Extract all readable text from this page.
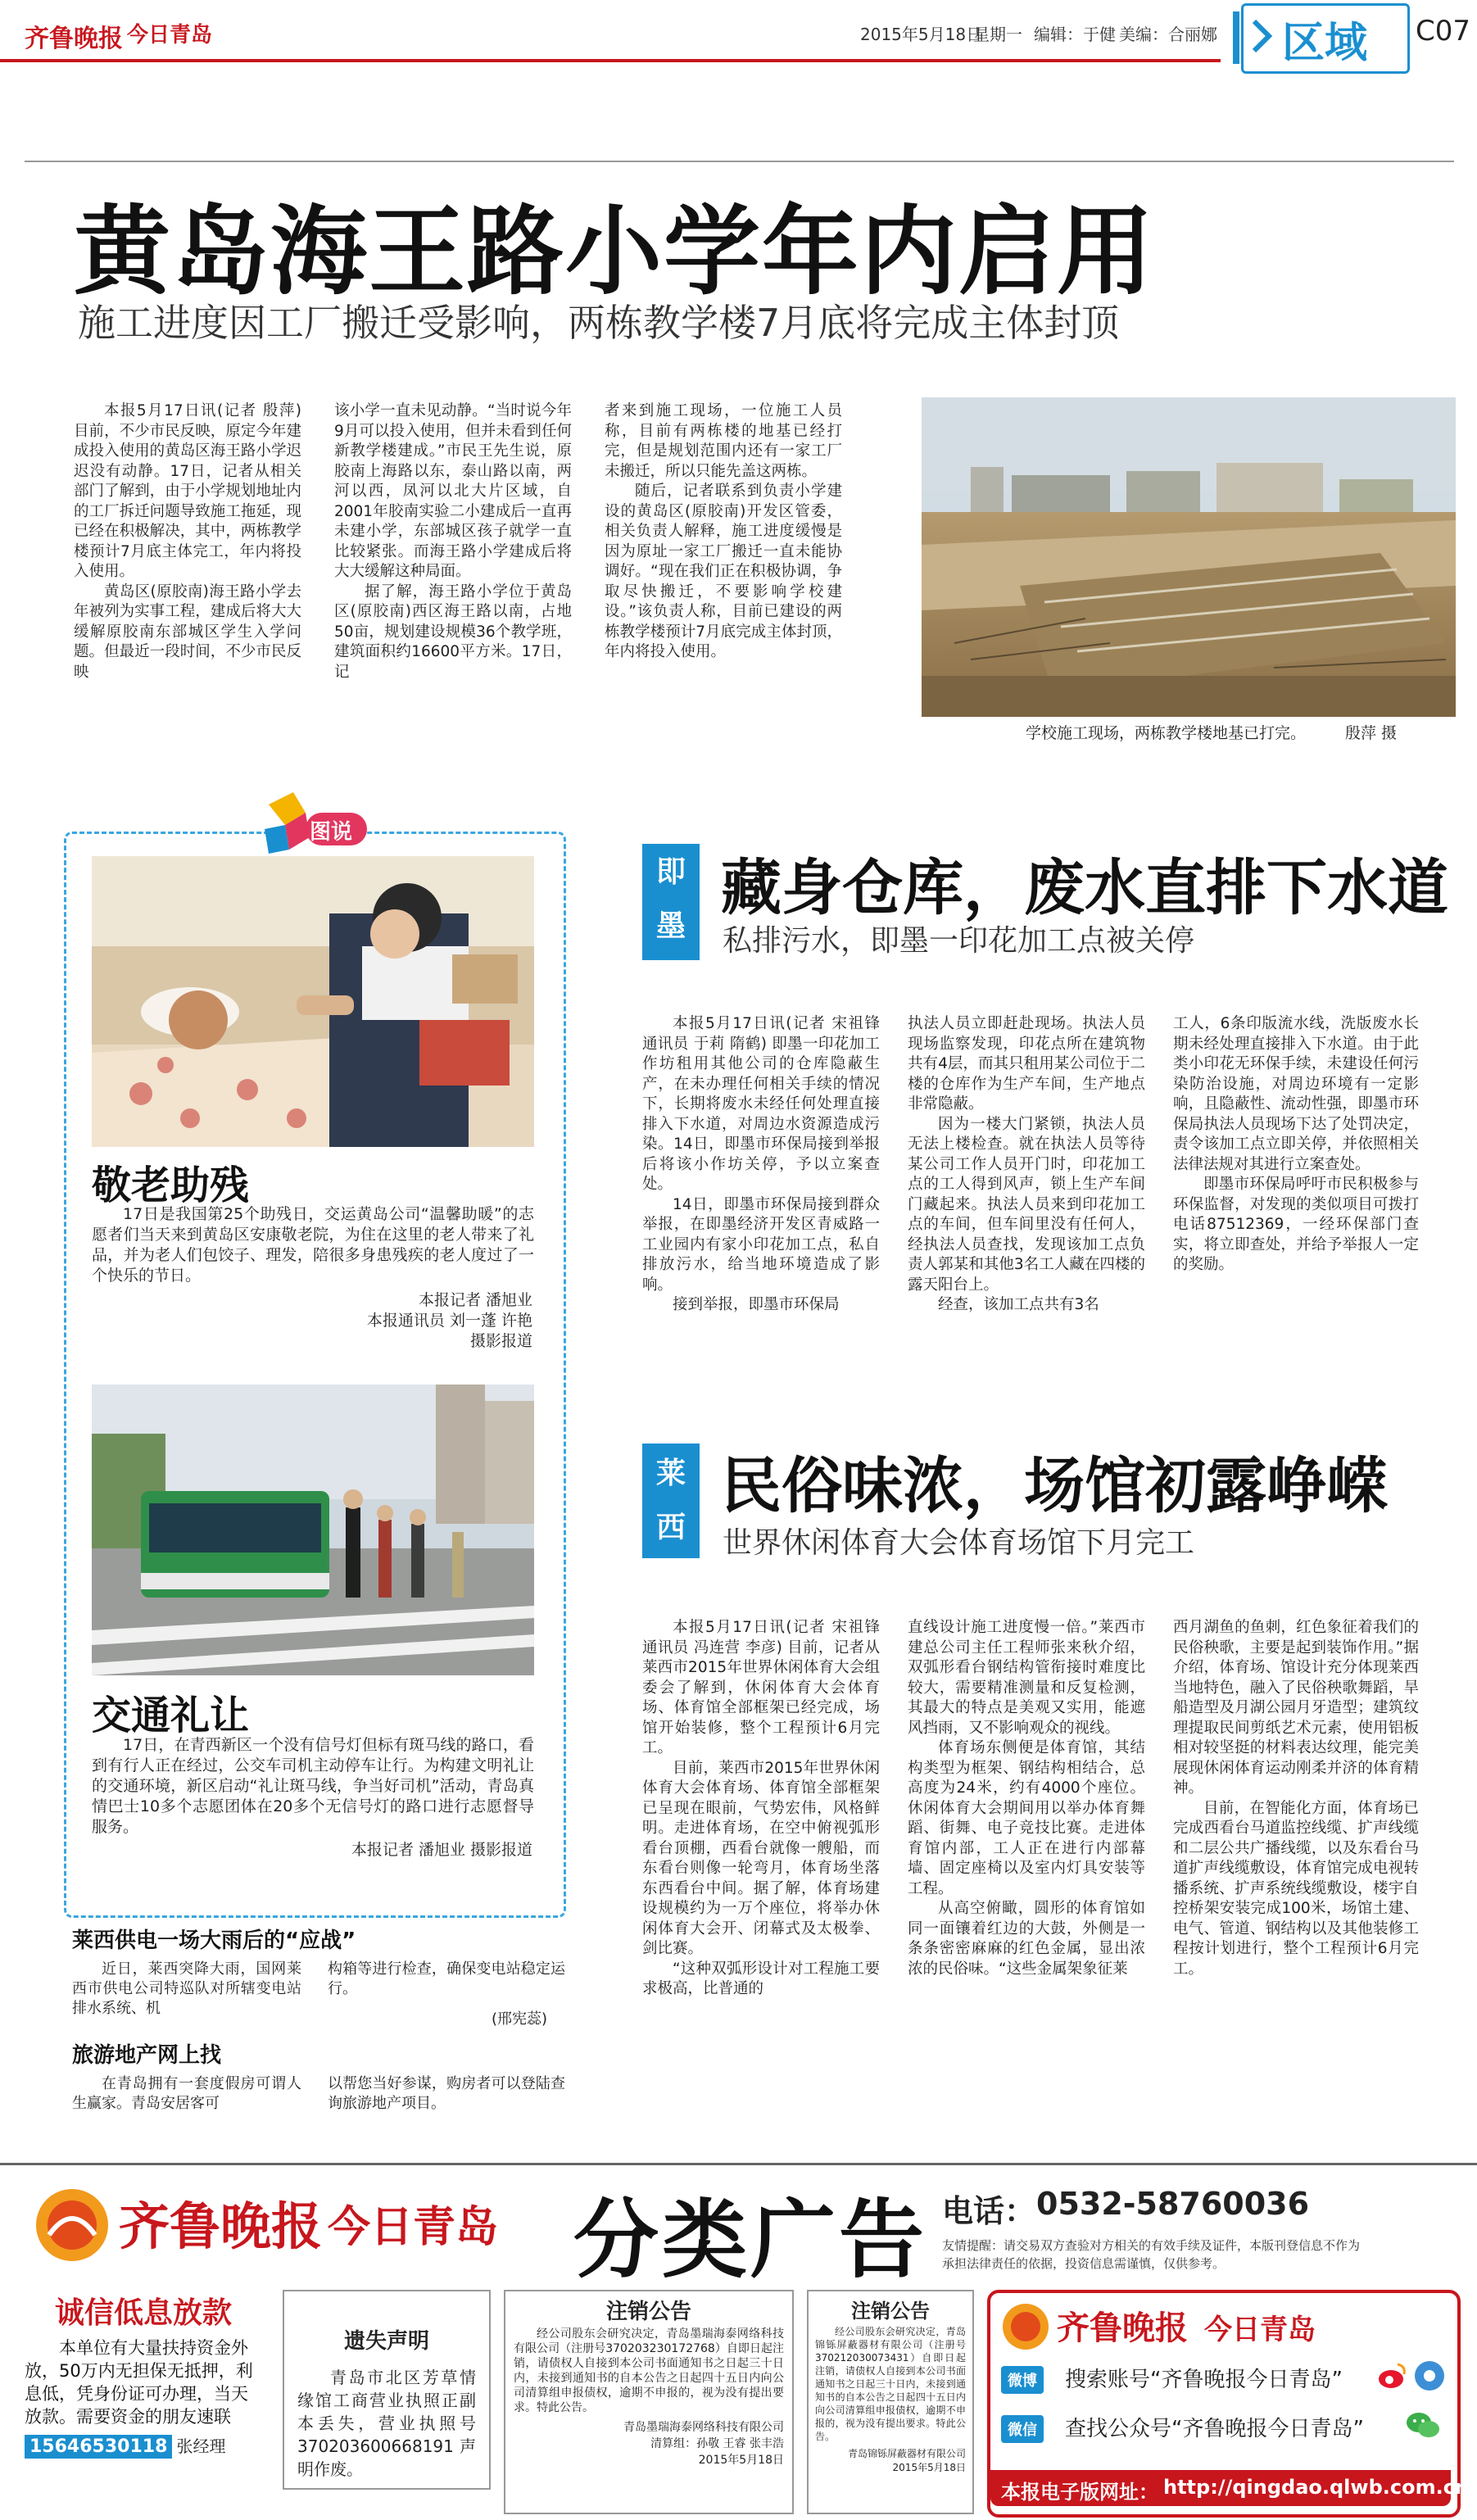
齐鲁晚报 今日青岛	2015年5月18日
星期一 编辑：于健 美编：合丽娜 区域 C07
黄岛海王路小学年内启用
施工进度因工厂搬迁受影响，两栋教学楼7月底将完成主体封顶

本报5月17日讯(记者 殷萍) 目前，不少市民反映，原定今年建成投入使用的黄岛区海王路小学迟迟没有动静。17日，记者从相关部门了解到，由于小学规划地址内的工厂拆迁问题导致施工拖延，现已经在积极解决，其中，两栋教学楼预计7月底主体完工，年内将投入使用。

黄岛区(原胶南)海王路小学去年被列为实事工程，建成后将大大缓解原胶南东部城区学生入学问题。但最近一段时间，不少市民反映

该小学一直未见动静。“当时说今年9月可以投入使用，但并未看到任何新教学楼建成。”市民王先生说，原胶南上海路以东，泰山路以南，两河以西，凤河以北大片区域，自2001年胶南实验二小建成后一直再未建小学，东部城区孩子就学一直比较紧张。而海王路小学建成后将大大缓解这种局面。

据了解，海王路小学位于黄岛区(原胶南)西区海王路以南，占地50亩，规划建设规模36个教学班，建筑面积约16600平方米。17日，记

者来到施工现场，一位施工人员称，目前有两栋楼的地基已经打完，但是规划范围内还有一家工厂未搬迁，所以只能先盖这两栋。

随后，记者联系到负责小学建设的黄岛区(原胶南)开发区管委，相关负责人解释，施工进度缓慢是因为原址一家工厂搬迁一直未能协调好。“现在我们正在积极协调，争取尽快搬迁，不要影响学校建设。”该负责人称，目前已建设的两栋教学楼预计7月底完成主体封顶，年内将投入使用。

学校施工现场，两栋教学楼地基已打完。	殷萍 摄
图说
敬老助残

17日是我国第25个助残日，交运黄岛公司“温馨助暖”的志愿者们当天来到黄岛区安康敬老院，为住在这里的老人带来了礼品，并为老人们包饺子、理发，陪很多身患残疾的老人度过了一个快乐的节日。

本报记者 潘旭业
本报通讯员 刘一蓬 许艳
摄影报道
交通礼让

17日，在青西新区一个没有信号灯但标有斑马线的路口，看到有行人正在经过，公交车司机主动停车让行。为构建文明礼让的交通环境，新区启动“礼让斑马线，争当好司机”活动，青岛真情巴士10多个志愿团体在20多个无信号灯的路口进行志愿督导服务。

本报记者 潘旭业 摄影报道
莱西供电一场大雨后的“应战”

近日，莱西突降大雨，国网莱西市供电公司特巡队对所辖变电站排水系统、机

构箱等进行检查，确保变电站稳定运行。

(邢宪蕊)
旅游地产网上找

在青岛拥有一套度假房可谓人生赢家。青岛安居客可

以帮您当好参谋，购房者可以登陆查询旅游地产项目。

即墨
藏身仓库，废水直排下水道
私排污水，即墨一印花加工点被关停

本报5月17日讯(记者 宋祖锋 通讯员 于莉 隋鹤) 即墨一印花加工作坊租用其他公司的仓库隐蔽生产，在未办理任何相关手续的情况下，长期将废水未经任何处理直接排入下水道，对周边水资源造成污染。14日，即墨市环保局接到举报后将该小作坊关停，予以立案查处。

14日，即墨市环保局接到群众举报，在即墨经济开发区青威路一工业园内有家小印花加工点，私自排放污水，给当地环境造成了影响。

接到举报，即墨市环保局

执法人员立即赶赴现场。执法人员现场监察发现，印花点所在建筑物共有4层，而其只租用某公司位于二楼的仓库作为生产车间，生产地点非常隐蔽。

因为一楼大门紧锁，执法人员无法上楼检查。就在执法人员等待某公司工作人员开门时，印花加工点的工人得到风声，锁上生产车间门藏起来。执法人员来到印花加工点的车间，但车间里没有任何人，经执法人员查找，发现该加工点负责人郭某和其他3名工人藏在四楼的露天阳台上。

经查，该加工点共有3名

工人，6条印版流水线，洗版废水长期未经处理直接排入下水道。由于此类小印花无环保手续，未建设任何污染防治设施，对周边环境有一定影响，且隐蔽性、流动性强，即墨市环保局执法人员现场下达了处罚决定，责令该加工点立即关停，并依照相关法律法规对其进行立案查处。

即墨市环保局呼吁市民积极参与环保监督，对发现的类似项目可拨打电话87512369，一经环保部门查实，将立即查处，并给予举报人一定的奖励。

莱西
民俗味浓，场馆初露峥嵘
世界休闲体育大会体育场馆下月完工

本报5月17日讯(记者 宋祖锋 通讯员 冯连营 李彦) 目前，记者从莱西市2015年世界休闲体育大会组委会了解到，休闲体育大会体育场、体育馆全部框架已经完成，场馆开始装修，整个工程预计6月完工。

目前，莱西市2015年世界休闲体育大会体育场、体育馆全部框架已呈现在眼前，气势宏伟，风格鲜明。走进体育场，在空中俯视弧形看台顶棚，西看台就像一艘船，而东看台则像一轮弯月，体育场坐落东西看台中间。据了解，体育场建设规模约为一万个座位，将举办休闲体育大会开、闭幕式及太极拳、剑比赛。

“这种双弧形设计对工程施工要求极高，比普通的

直线设计施工进度慢一倍。”莱西市建总公司主任工程师张来秋介绍，双弧形看台钢结构管衔接时难度比较大，需要精准测量和反复检测，其最大的特点是美观又实用，能遮风挡雨，又不影响观众的视线。

体育场东侧便是体育馆，其结构类型为框架、钢结构相结合，总高度为24米，约有4000个座位。休闲体育大会期间用以举办体育舞蹈、街舞、电子竞技比赛。走进体育馆内部，工人正在进行内部幕墙、固定座椅以及室内灯具安装等工程。

从高空俯瞰，圆形的体育馆如同一面镶着红边的大鼓，外侧是一条条密密麻麻的红色金属，显出浓浓的民俗味。“这些金属架象征莱

西月湖鱼的鱼刺，红色象征着我们的民俗秧歌，主要是起到装饰作用。”据介绍，体育场、馆设计充分体现莱西当地特色，融入了民俗秧歌舞蹈，旱船造型及月湖公园月牙造型；建筑纹理提取民间剪纸艺术元素，使用铝板相对较坚挺的材料表达纹理，能完美展现休闲体育运动刚柔并济的体育精神。

目前，在智能化方面，体育场已完成西看台马道监控线缆、扩声线缆和二层公共广播线缆，以及东看台马道扩声线缆敷设，体育馆完成电视转播系统、扩声系统线缆敷设，楼宇自控桥架安装完成100米，场馆土建、电气、管道、钢结构以及其他装修工程按计划进行，整个工程预计6月完工。

齐鲁晚报 今日青岛 分类广告 电话： 0532-58760036
友情提醒：请交易双方查验对方相关的有效手续及证件，本版刊登信息不作为
承担法律责任的依据，投资信息需谨慎，仅供参考。
诚信低息放款
本单位有大量扶持资金外放，50万内无担保无抵押，利息低，凭身份证可办理，当天放款。需要资金的朋友速联
15646530118 张经理
遗失声明
青岛市北区芳草情缘馆工商营业执照正副本丢失，营业执照号370203600668191声明作废。
注销公告
经公司股东会研究决定，青岛墨瑞海泰网络科技有限公司（注册号370203230172768）自即日起注销，请债权人自接到本公司书面通知书之日起三十日内，未接到通知书的自本公告之日起四十五日内向公司清算组申报债权，逾期不申报的，视为没有提出要求。特此公告。
青岛墨瑞海泰网络科技有限公司
清算组：孙敬 王睿 张丰浩
2015年5月18日
注销公告
经公司股东会研究决定，青岛锦铄屏蔽器材有限公司（注册号370212030073431）自即日起注销，请债权人自接到本公司书面通知书之日起三十日内，未接到通知书的自本公告之日起四十五日内向公司清算组申报债权，逾期不申报的，视为没有提出要求。特此公告。
青岛锦铄屏蔽器材有限公司
2015年5月18日
齐鲁晚报 今日青岛
微博	搜索账号“齐鲁晚报今日青岛”
微信	查找公众号“齐鲁晚报今日青岛”
本报电子版网址： http://qingdao.qlwb.com.cn
